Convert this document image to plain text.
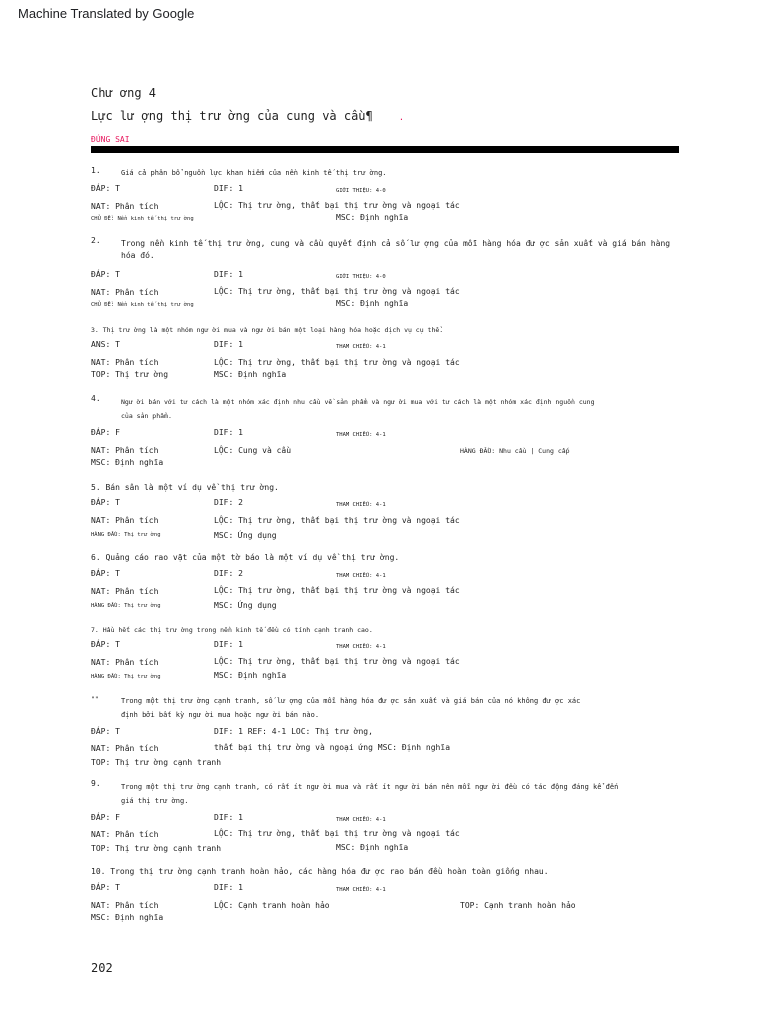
Machine Translated by Google
Chư ơng 4
Lực lư ợng thị trư ờng của cung và cầu¶	.
ĐÚNG SAI
1.	Giá cả phân bổ nguồn lực khan hiếm của nền kinh tế thị trư ờng.
ĐÁP: T	DIF: 1	GIỚI THIỆU: 4-0
NAT: Phân tích	LỘC: Thị trư ờng, thất bại thị trư ờng và ngoại tác
CHỦ ĐỀ: Nền kinh tế thị trư ờng	MSC: Định nghĩa
2.	Trong nền kinh tế thị trư ờng, cung và cầu quyết định cả số lư ợng của mỗi hàng hóa đư ợc sản xuất và giá bán hàng
hóa đó.
ĐÁP: T	DIF: 1	GIỚI THIỆU: 4-0
NAT: Phân tích	LỘC: Thị trư ờng, thất bại thị trư ờng và ngoại tác
CHỦ ĐỀ: Nền kinh tế thị trư ờng	MSC: Định nghĩa
3. Thị trư ờng là một nhóm ngư ời mua và ngư ời bán một loại hàng hóa hoặc dịch vụ cụ thể.
ANS: T	DIF: 1	THAM CHIẾU: 4-1
NAT: Phân tích	LỘC: Thị trư ờng, thất bại thị trư ờng và ngoại tác
TOP: Thị trư ờng	MSC: Định nghĩa
4.	Ngư ời bán với tư cách là một nhóm xác định nhu cầu về sản phẩm và ngư ời mua với tư cách là một nhóm xác định nguồn cung
của sản phẩm.
ĐÁP: F	DIF: 1	THAM CHIẾU: 4-1
NAT: Phân tích	LỘC: Cung và cầu	HÀNG ĐẦU: Nhu cầu | Cung cấp
MSC: Định nghĩa
5. Bán sân là một ví dụ về thị trư ờng.
ĐÁP: T	DIF: 2	THAM CHIẾU: 4-1
NAT: Phân tích	LỘC: Thị trư ờng, thất bại thị trư ờng và ngoại tác
HÀNG ĐẦU: Thị trư ờng	MSC: Ứng dụng
6. Quảng cáo rao vặt của một tờ báo là một ví dụ về thị trư ờng.
ĐÁP: T	DIF: 2	THAM CHIẾU: 4-1
NAT: Phân tích	LỘC: Thị trư ờng, thất bại thị trư ờng và ngoại tác
HÀNG ĐẦU: Thị trư ờng	MSC: Ứng dụng
7. Hầu hết các thị trư ờng trong nền kinh tế đều có tính cạnh tranh cao.
ĐÁP: T	DIF: 1	THAM CHIẾU: 4-1
NAT: Phân tích	LỘC: Thị trư ờng, thất bại thị trư ờng và ngoại tác
HÀNG ĐẦU: Thị trư ờng	MSC: Định nghĩa
""	Trong một thị trư ờng cạnh tranh, số lư ợng của mỗi hàng hóa đư ợc sản xuất và giá bán của nó không đư ợc xác
định bởi bất kỳ ngư ời mua hoặc ngư ời bán nào.
ĐÁP: T	DIF: 1 REF: 4-1 LOC: Thị trư ờng,
NAT: Phân tích	thất bại thị trư ờng và ngoại ứng MSC: Định nghĩa
TOP: Thị trư ờng cạnh tranh
9.	Trong một thị trư ờng cạnh tranh, có rất ít ngư ời mua và rất ít ngư ời bán nên mỗi ngư ời đều có tác động đáng kể đến
giá thị trư ờng.
ĐÁP: F	DIF: 1	THAM CHIẾU: 4-1
NAT: Phân tích	LỘC: Thị trư ờng, thất bại thị trư ờng và ngoại tác
TOP: Thị trư ờng cạnh tranh	MSC: Định nghĩa
10. Trong thị trư ờng cạnh tranh hoàn hảo, các hàng hóa đư ợc rao bán đều hoàn toàn giống nhau.
ĐÁP: T	DIF: 1	THAM CHIẾU: 4-1
NAT: Phân tích	LỘC: Cạnh tranh hoàn hảo	TOP: Cạnh tranh hoàn hảo
MSC: Định nghĩa
202
